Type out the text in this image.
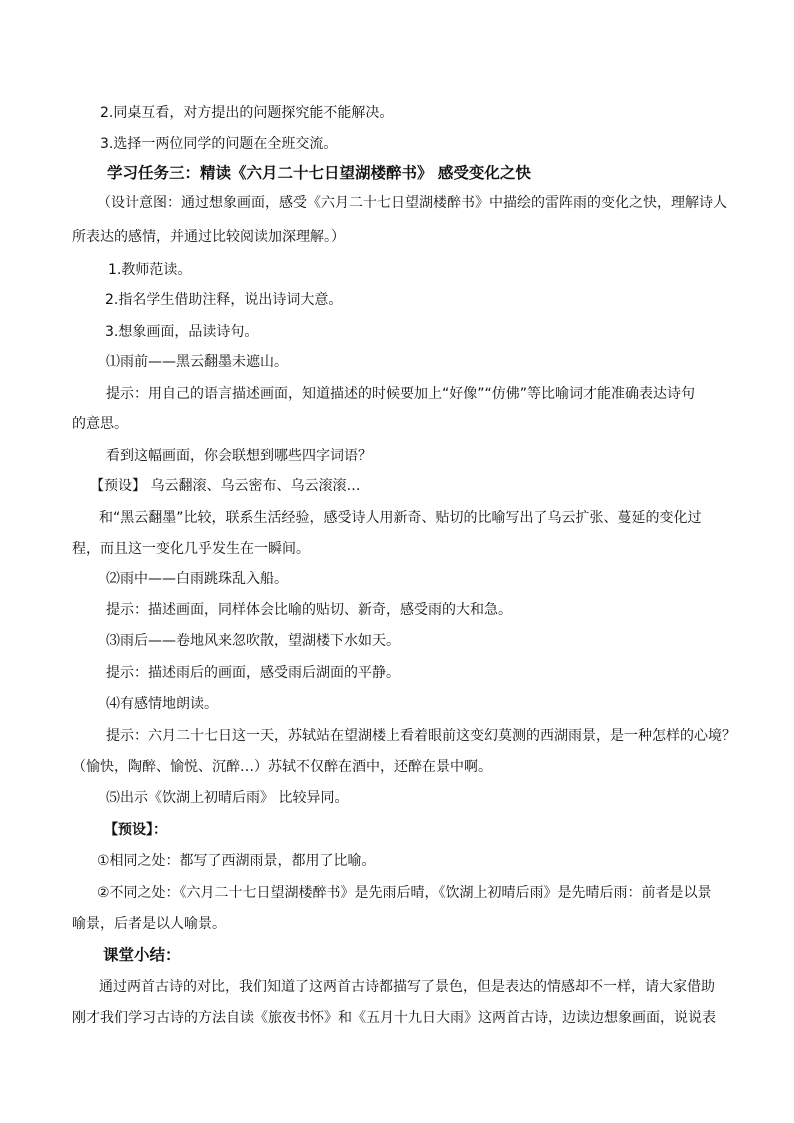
2.同桌互看，对方提出的问题探究能不能解决。
3.选择一两位同学的问题在全班交流。
学习任务三：精读《六月二十七日望湖楼醉书》 感受变化之快
（设计意图：通过想象画面，感受《六月二十七日望湖楼醉书》中描绘的雷阵雨的变化之快，理解诗人
所表达的感情，并通过比较阅读加深理解。）
1.教师范读。
2.指名学生借助注释，说出诗词大意。
3.想象画面，品读诗句。
⑴雨前——黑云翻墨未遮山。
提示：用自己的语言描述画面，知道描述的时候要加上“好像”“仿佛”等比喻词才能准确表达诗句
的意思。
看到这幅画面，你会联想到哪些四字词语？
【预设】 乌云翻滚、乌云密布、乌云滚滚…
和“黑云翻墨”比较，联系生活经验，感受诗人用新奇、贴切的比喻写出了乌云扩张、蔓延的变化过
程，而且这一变化几乎发生在一瞬间。
⑵雨中——白雨跳珠乱入船。
提示：描述画面，同样体会比喻的贴切、新奇，感受雨的大和急。
⑶雨后——卷地风来忽吹散，望湖楼下水如天。
提示：描述雨后的画面，感受雨后湖面的平静。
⑷有感情地朗读。
提示：六月二十七日这一天，苏轼站在望湖楼上看着眼前这变幻莫测的西湖雨景，是一种怎样的心境？
（愉快，陶醉、愉悦、沉醉…）苏轼不仅醉在酒中，还醉在景中啊。
⑸出示《饮湖上初晴后雨》 比较异同。
【预设】：
①相同之处：都写了西湖雨景，都用了比喻。
②不同之处：《六月二十七日望湖楼醉书》是先雨后晴，《饮湖上初晴后雨》是先晴后雨：前者是以景
喻景，后者是以人喻景。
课堂小结：
通过两首古诗的对比，我们知道了这两首古诗都描写了景色，但是表达的情感却不一样，请大家借助
刚才我们学习古诗的方法自读《旅夜书怀》和《五月十九日大雨》这两首古诗，边读边想象画面，说说表
